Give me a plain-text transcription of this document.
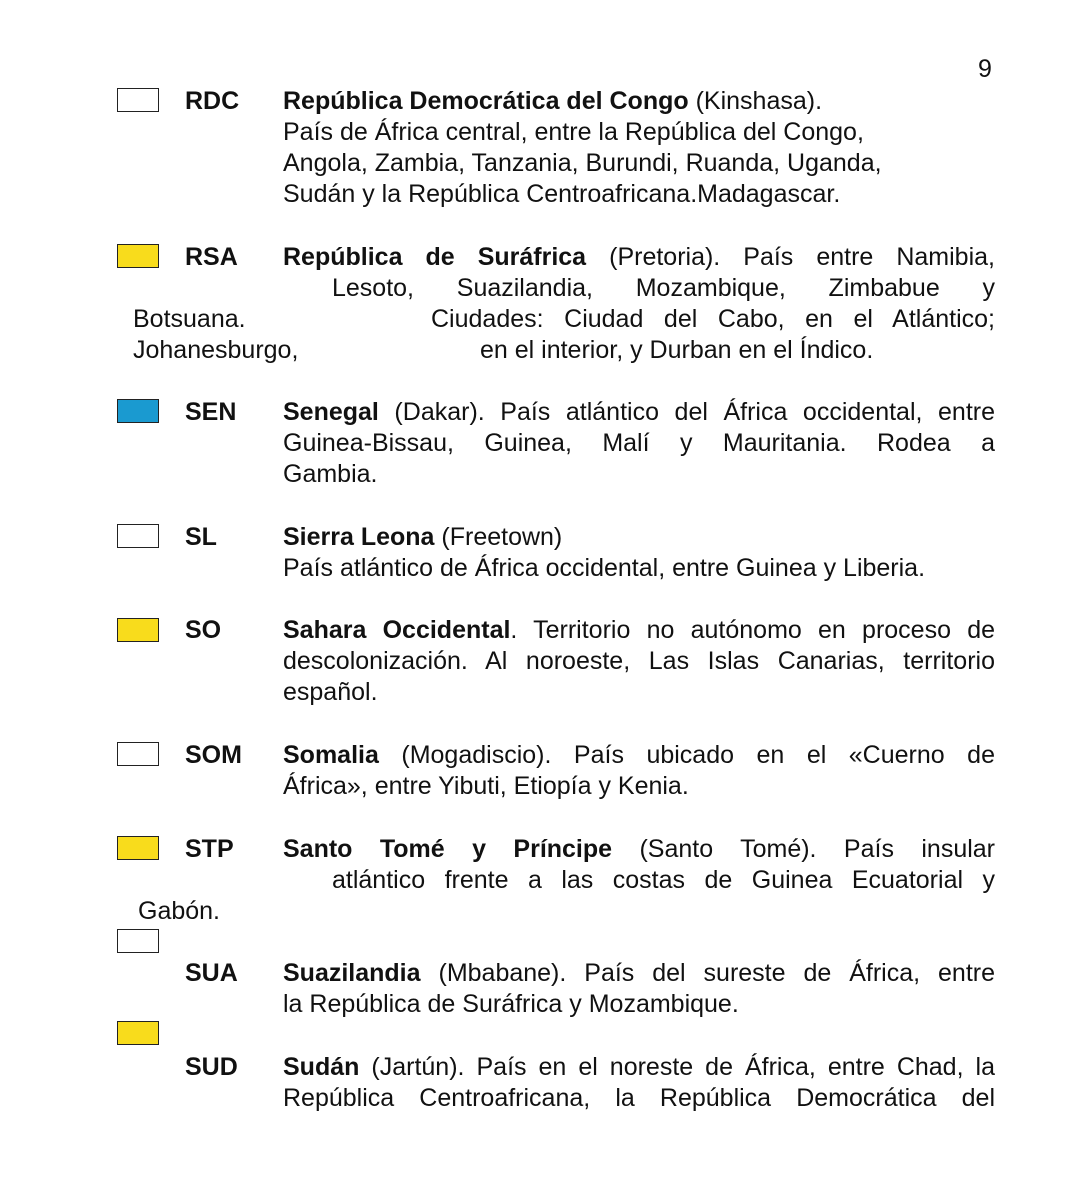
9
RDC República Democrática del Congo (Kinshasa).
País de África central, entre la República del Congo,
Angola, Zambia, Tanzania, Burundi, Ruanda, Uganda,
Sudán y la República Centroafricana.Madagascar.
RSA República de Suráfrica (Pretoria). País entre Namibia,
Lesoto, Suazilandia, Mozambique, Zimbabue y
Botsuana.	Ciudades: Ciudad del Cabo, en el Atlántico;
Johanesburgo,	en el interior, y Durban en el Índico.
SEN Senegal (Dakar). País atlántico del África occidental, entre
Guinea-Bissau, Guinea, Malí y Mauritania. Rodea a
Gambia.
SL	Sierra Leona (Freetown)
País atlántico de África occidental, entre Guinea y Liberia.
SO Sahara Occidental. Territorio no autónomo en proceso de
descolonización. Al noroeste, Las Islas Canarias, territorio
español.
SOM Somalia (Mogadiscio). País ubicado en el «Cuerno de
África», entre Yibuti, Etiopía y Kenia.
STP Santo Tomé y Príncipe (Santo Tomé). País insular
atlántico frente a las costas de Guinea Ecuatorial y
Gabón.
SUA Suazilandia (Mbabane). País del sureste de África, entre
la República de Suráfrica y Mozambique.
SUD Sudán (Jartún). País en el noreste de África, entre Chad, la
República Centroafricana, la República Democrática del
